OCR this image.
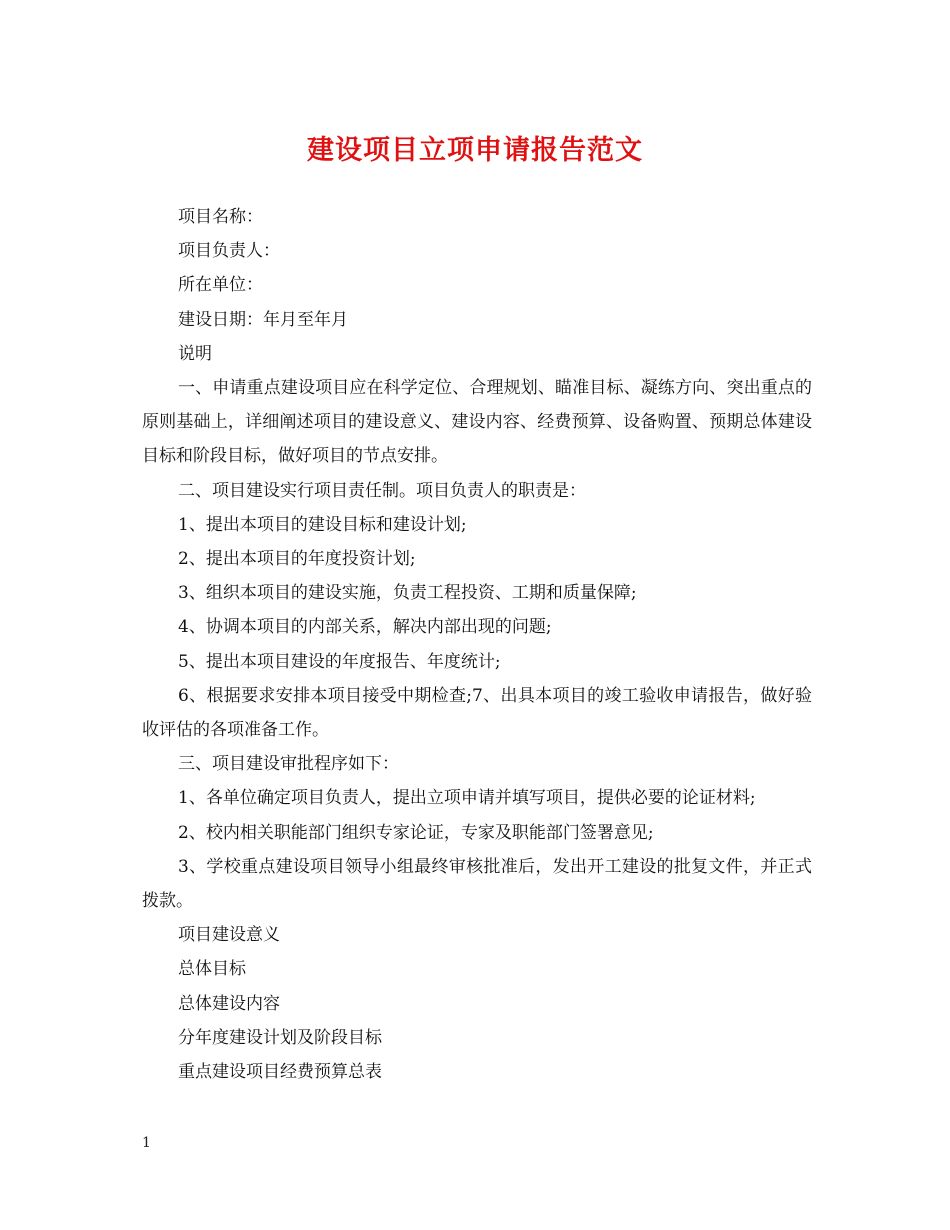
建设项目立项申请报告范文

项目名称：

项目负责人：

所在单位：

建设日期：年月至年月

说明

一、申请重点建设项目应在科学定位、合理规划、瞄准目标、凝练方向、突出重点的原则基础上，详细阐述项目的建设意义、建设内容、经费预算、设备购置、预期总体建设目标和阶段目标，做好项目的节点安排。

二、项目建设实行项目责任制。项目负责人的职责是：

1、提出本项目的建设目标和建设计划;

2、提出本项目的年度投资计划;

3、组织本项目的建设实施，负责工程投资、工期和质量保障;

4、协调本项目的内部关系，解决内部出现的问题;

5、提出本项目建设的年度报告、年度统计;

6、根据要求安排本项目接受中期检查;7、出具本项目的竣工验收申请报告，做好验收评估的各项准备工作。

三、项目建设审批程序如下：

1、各单位确定项目负责人，提出立项申请并填写项目，提供必要的论证材料;

2、校内相关职能部门组织专家论证，专家及职能部门签署意见;

3、学校重点建设项目领导小组最终审核批准后，发出开工建设的批复文件，并正式拨款。

项目建设意义

总体目标

总体建设内容

分年度建设计划及阶段目标

重点建设项目经费预算总表

1
